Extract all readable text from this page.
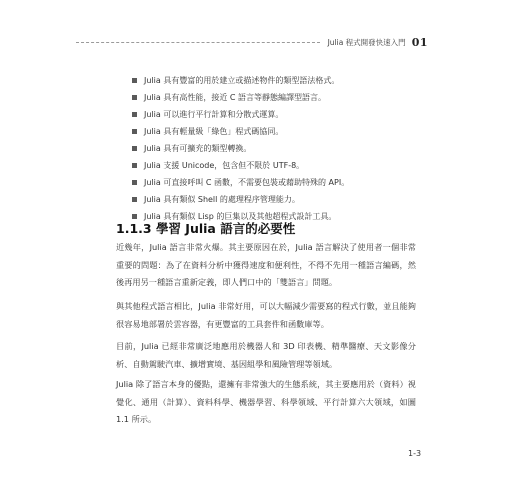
Julia 程式開發快速入門 01
Julia 具有豐富的用於建立或描述物件的類型語法格式。
Julia 具有高性能，接近 C 語言等靜態編譯型語言。
Julia 可以進行平行計算和分散式運算。
Julia 具有輕量級「綠色」程式碼協同。
Julia 具有可擴充的類型轉換。
Julia 支援 Unicode，包含但不限於 UTF-8。
Julia 可直接呼叫 C 函數，不需要包裝或藉助特殊的 API。
Julia 具有類似 Shell 的處理程序管理能力。
Julia 具有類似 Lisp 的巨集以及其他超程式設計工具。
1.1.3 學習 Julia 語言的必要性

近幾年，Julia 語言非常火爆。其主要原因在於，Julia 語言解決了使用者一個非常重要的問題：為了在資料分析中獲得速度和便利性，不得不先用一種語言編碼，然後再用另一種語言重新定義，即人們口中的「雙語言」問題。

與其他程式語言相比，Julia 非常好用，可以大幅減少需要寫的程式行數，並且能夠很容易地部署於雲容器，有更豐富的工具套件和函數庫等。

目前，Julia 已經非常廣泛地應用於機器人和 3D 印表機、精準醫療、天文影像分析、自動駕駛汽車、擴增實境、基因組學和風險管理等領域。

Julia 除了語言本身的優點，還擁有非常強大的生態系統，其主要應用於（資料）視覺化、通用（計算）、資料科學、機器學習、科學領域、平行計算六大領域，如圖 1.1 所示。

1-3
